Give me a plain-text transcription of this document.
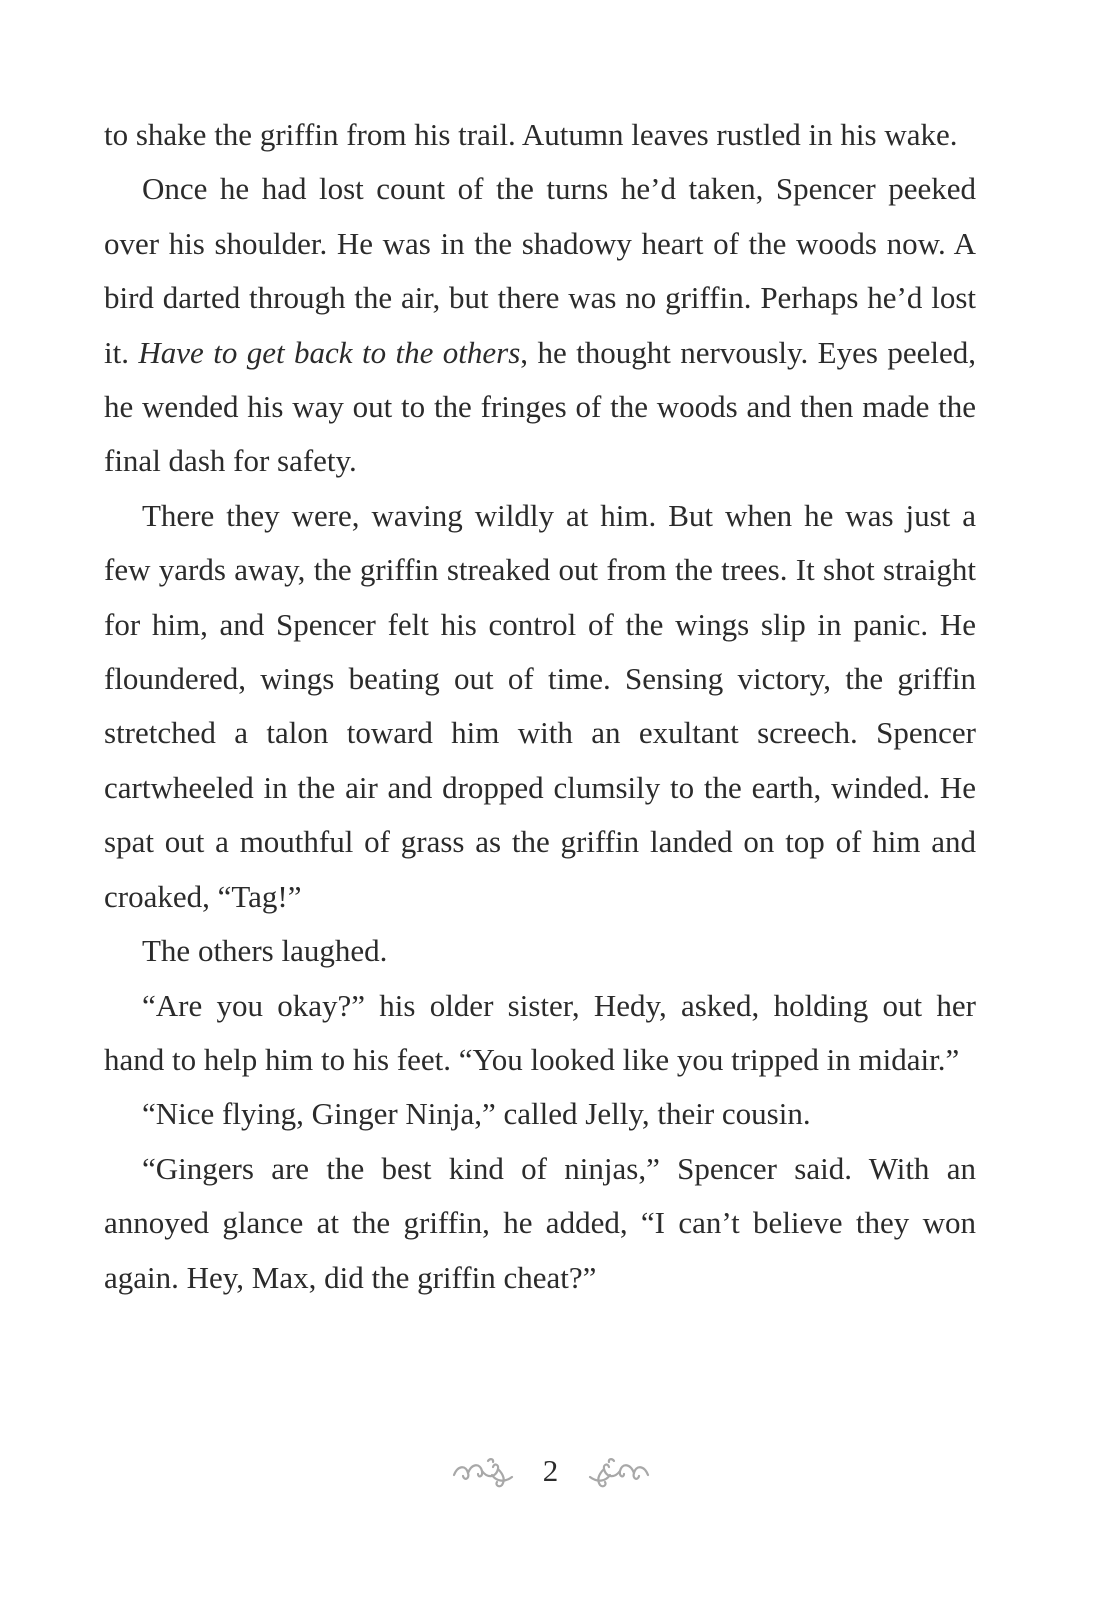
to shake the griffin from his trail. Autumn leaves rustled in his wake.

Once he had lost count of the turns he’d taken, Spencer peeked over his shoulder. He was in the shadowy heart of the woods now. A bird darted through the air, but there was no griffin. Perhaps he’d lost it. Have to get back to the others, he thought nervously. Eyes peeled, he wended his way out to the fringes of the woods and then made the final dash for safety.

There they were, waving wildly at him. But when he was just a few yards away, the griffin streaked out from the trees. It shot straight for him, and Spencer felt his control of the wings slip in panic. He floundered, wings beating out of time. Sensing victory, the griffin stretched a talon toward him with an exultant screech. Spencer cartwheeled in the air and dropped clumsily to the earth, winded. He spat out a mouthful of grass as the griffin landed on top of him and croaked, “Tag!”

The others laughed.

“Are you okay?” his older sister, Hedy, asked, holding out her hand to help him to his feet. “You looked like you tripped in midair.”

“Nice flying, Ginger Ninja,” called Jelly, their cousin.

“Gingers are the best kind of ninjas,” Spencer said. With an annoyed glance at the griffin, he added, “I can’t believe they won again. Hey, Max, did the griffin cheat?”

2
